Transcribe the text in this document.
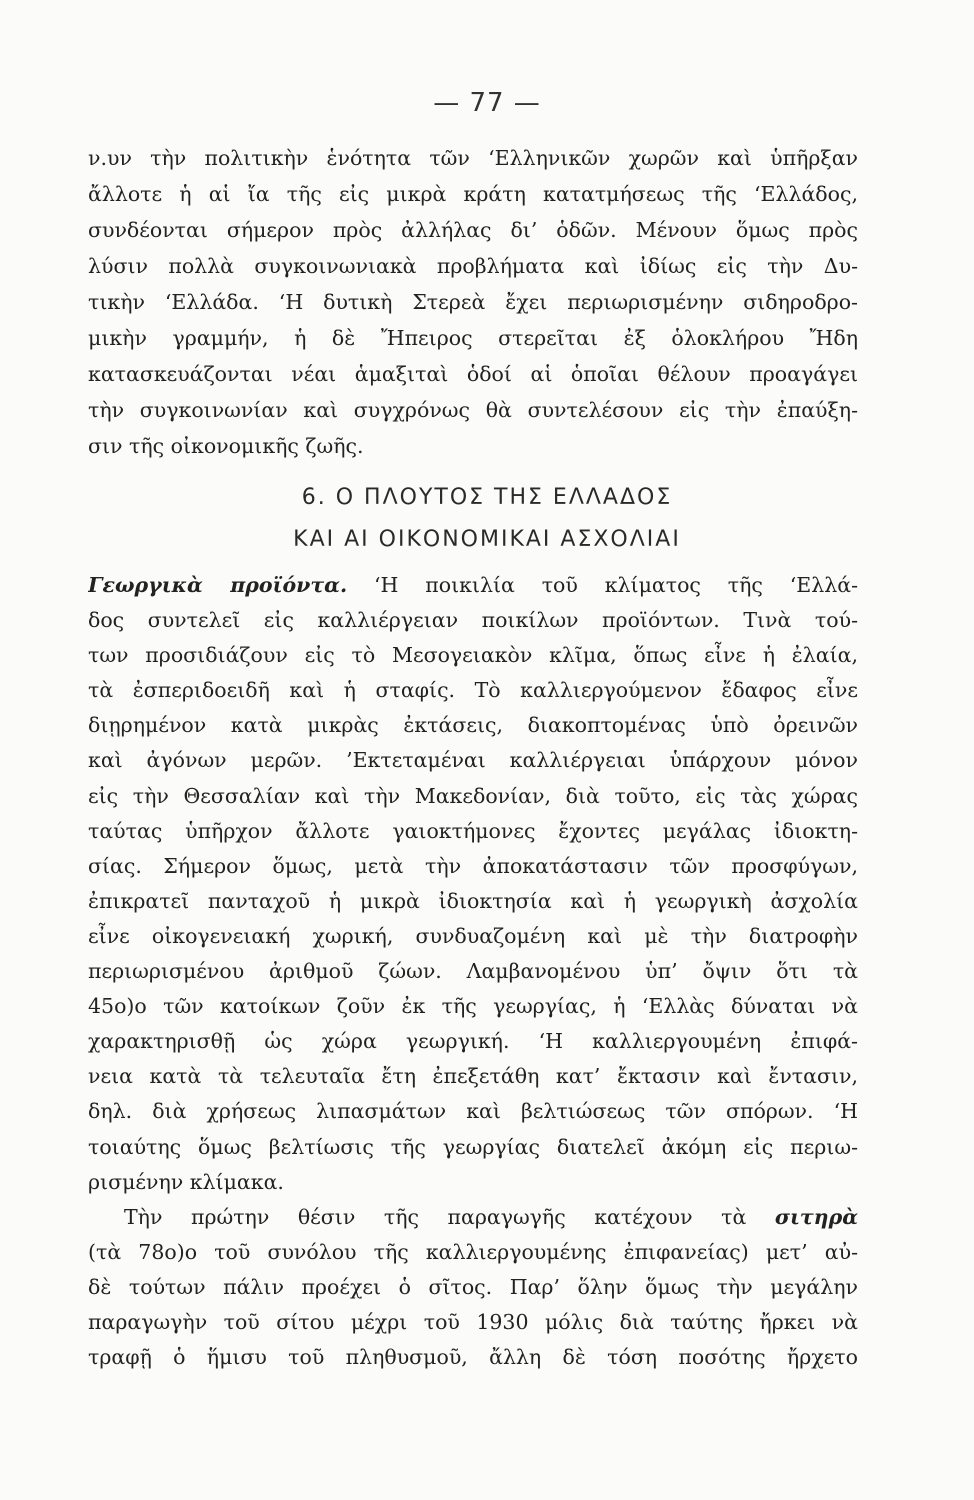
— 77 —
ν.υν τὴν πολιτικὴν ἑνότητα τῶν ‘Ελληνικῶν χωρῶν καὶ ὑπῆρξαν
ἄλλοτε ἡ αἱ ἴα τῆς εἰς μικρὰ κράτη κατατμήσεως τῆς ‘Ελλάδος,
συνδέονται σήμερον πρὸς ἀλλήλας δι’ ὁδῶν. Μένουν ὅμως πρὸς
λύσιν πολλὰ συγκοινωνιακὰ προβλήματα καὶ ἰδίως εἰς τὴν Δυ-
τικὴν ‘Ελλάδα. ‘Η δυτικὴ Στερεὰ ἔχει περιωρισμένην σιδηροδρο-
μικὴν γραμμήν, ἡ δὲ Ἤπειρος στερεῖται ἐξ ὁλοκλήρου Ἤδη
κατασκευάζονται νέαι ἁμαξιταὶ ὁδοί αἱ ὁποῖαι θέλουν προαγάγει
τὴν συγκοινωνίαν καὶ συγχρόνως θὰ συντελέσουν εἰς τὴν ἐπαύξη-
σιν τῆς οἰκονομικῆς ζωῆς.
6. Ο ΠΛΟΥΤΟΣ ΤΗΣ ΕΛΛΑΔΟΣ
ΚΑΙ ΑΙ ΟΙΚΟΝΟΜΙΚΑΙ ΑΣΧΟΛΙΑΙ
Γεωργικὰ προϊόντα. ‘Η ποικιλία τοῦ κλίματος τῆς ‘Ελλά-
δος συντελεῖ εἰς καλλιέργειαν ποικίλων προϊόντων. Τινὰ τού-
των προσιδιάζουν εἰς τὸ Μεσογειακὸν κλῖμα, ὅπως εἶνε ἡ ἐλαία,
τὰ ἐσπεριδοειδῆ καὶ ἡ σταφίς. Τὸ καλλιεργούμενον ἔδαφος εἶνε
διῃρημένον κατὰ μικρὰς ἐκτάσεις, διακοπτομένας ὑπὸ ὀρεινῶν
καὶ ἀγόνων μερῶν. ’Εκτεταμέναι καλλιέργειαι ὑπάρχουν μόνον
εἰς τὴν Θεσσαλίαν καὶ τὴν Μακεδονίαν, διὰ τοῦτο, εἰς τὰς χώρας
ταύτας ὑπῆρχον ἄλλοτε γαιοκτήμονες ἔχοντες μεγάλας ἰδιοκτη-
σίας. Σήμερον ὅμως, μετὰ τὴν ἀποκατάστασιν τῶν προσφύγων,
ἐπικρατεῖ πανταχοῦ ἡ μικρὰ ἰδιοκτησία καὶ ἡ γεωργικὴ ἀσχολία
εἶνε οἰκογενειακή χωρική, συνδυαζομένη καὶ μὲ τὴν διατροφὴν
περιωρισμένου ἀριθμοῦ ζώων. Λαμβανομένου ὑπ’ ὄψιν ὅτι τὰ
45ο)ο τῶν κατοίκων ζοῦν ἐκ τῆς γεωργίας, ἡ ‘Ελλὰς δύναται νὰ
χαρακτηρισθῇ ὡς χώρα γεωργική. ‘Η καλλιεργουμένη ἐπιφά-
νεια κατὰ τὰ τελευταῖα ἔτη ἐπεξετάθη κατ’ ἔκτασιν καὶ ἔντασιν,
δηλ. διὰ χρήσεως λιπασμάτων καὶ βελτιώσεως τῶν σπόρων. ‘Η
τοιαύτης ὅμως βελτίωσις τῆς γεωργίας διατελεῖ ἀκόμη εἰς περιω-
ρισμένην κλίμακα.
Τὴν πρώτην θέσιν τῆς παραγωγῆς κατέχουν τὰ σιτηρὰ
(τὰ 78ο)ο τοῦ συνόλου τῆς καλλιεργουμένης ἐπιφανείας) μετ’ αὐ-
δὲ τούτων πάλιν προέχει ὁ σῖτος. Παρ’ ὅλην ὅμως τὴν μεγάλην
παραγωγὴν τοῦ σίτου μέχρι τοῦ 1930 μόλις διὰ ταύτης ἤρκει νὰ
τραφῇ ὁ ἥμισυ τοῦ πληθυσμοῦ, ἄλλη δὲ τόση ποσότης ἤρχετο
